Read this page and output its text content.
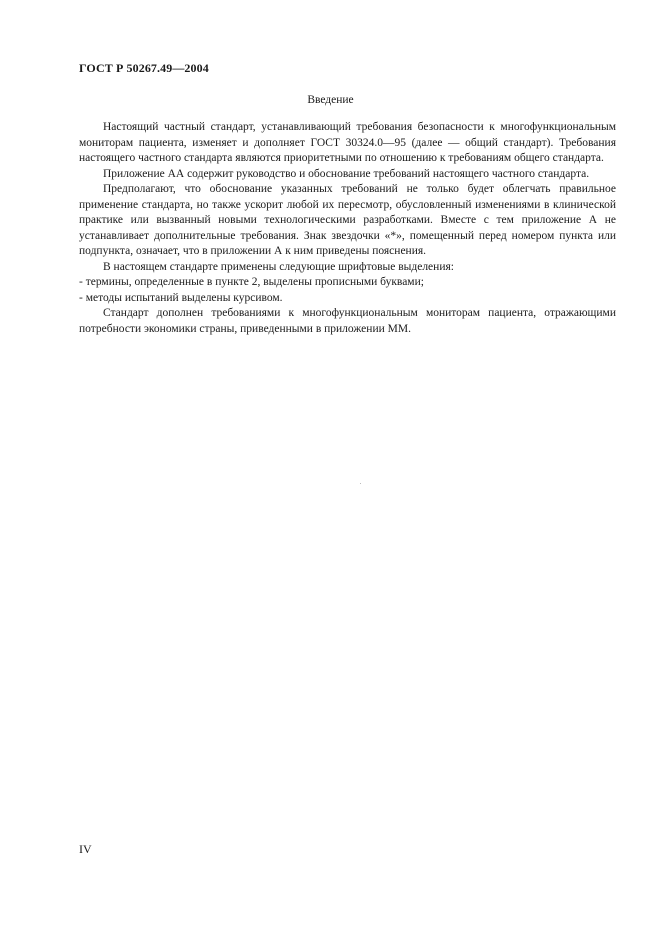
ГОСТ Р 50267.49—2004
Введение

Настоящий частный стандарт, устанавливающий требования безопасности к многофункциональным мониторам пациента, изменяет и дополняет ГОСТ 30324.0—95 (далее — общий стандарт). Требования настоящего частного стандарта являются приоритетными по отношению к требованиям общего стандарта.

Приложение АА содержит руководство и обоснование требований настоящего частного стандарта.

Предполагают, что обоснование указанных требований не только будет облегчать правильное применение стандарта, но также ускорит любой их пересмотр, обусловленный изменениями в клинической практике или вызванный новыми технологическими разработками. Вместе с тем приложение А не устанавливает дополнительные требования. Знак звездочки «*», помещенный перед номером пункта или подпункта, означает, что в приложении А к ним приведены пояснения.

В настоящем стандарте применены следующие шрифтовые выделения:

- термины, определенные в пункте 2, выделены прописными буквами;

- методы испытаний выделены курсивом.

Стандарт дополнен требованиями к многофункциональным мониторам пациента, отражающими потребности экономики страны, приведенными в приложении ММ.

IV
